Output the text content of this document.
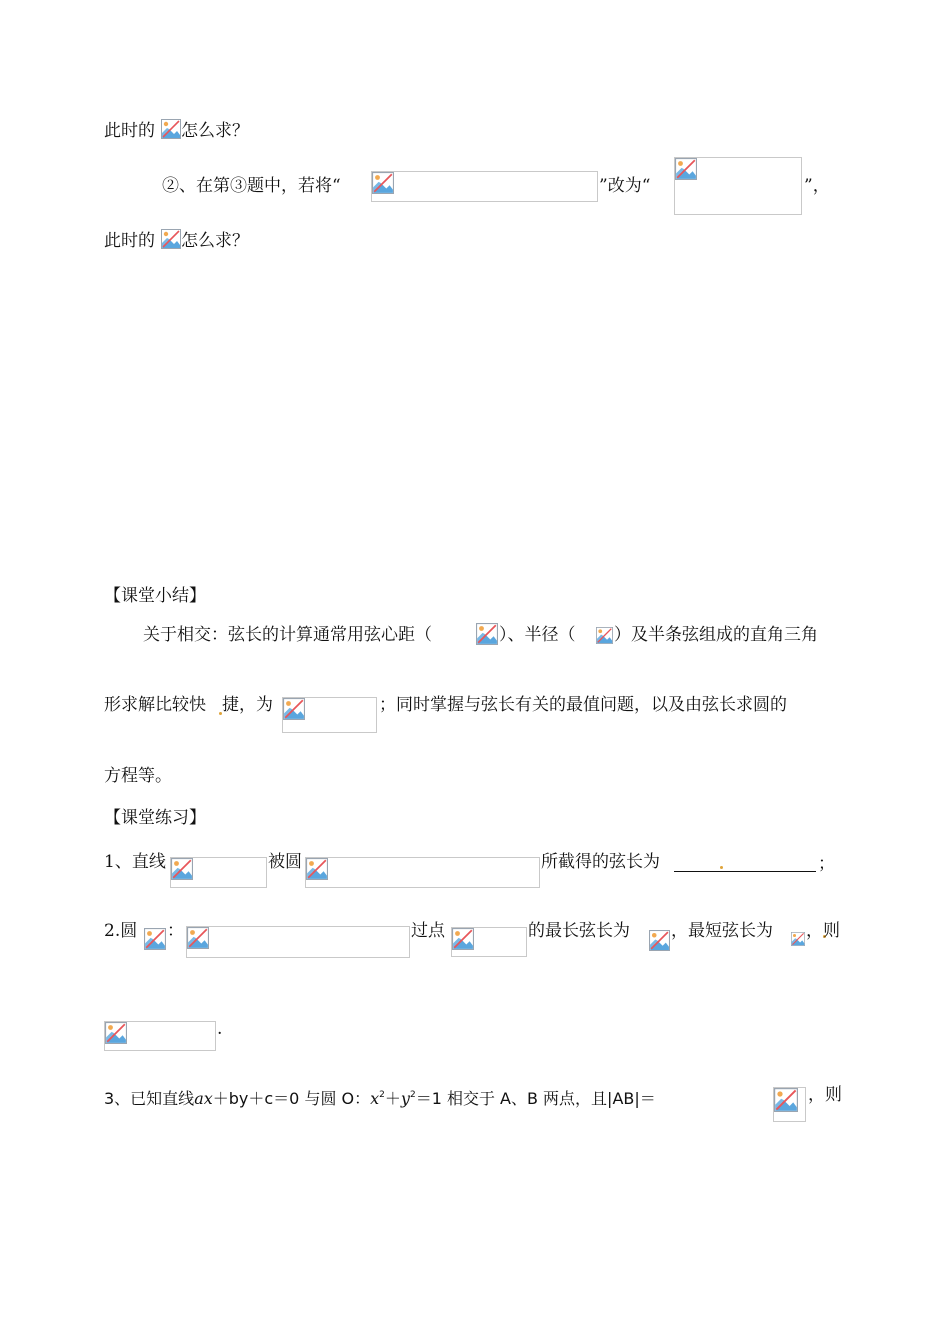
此时的 怎么求？
②、在第③题中，若将“	”改为“	”，
此时的 怎么求？
【课堂小结】
关于相交：弦长的计算通常用弦心距（	）、半径（ ）及半条弦组成的直角三角
形求解比较快 捷，为	；同时掌握与弦长有关的最值问题，以及由弦长求圆的
方程等。
【课堂练习】
1、直线	被圆	所截得的弦长为	；
2.圆 ：	过点	的最长弦长为 ，最短弦长为 ，则
.
3、已知直线ax＋by＋c＝0 与圆 O：$x^2+y^2=1$ 相交于 A、B 两点，且|AB|＝	，则
